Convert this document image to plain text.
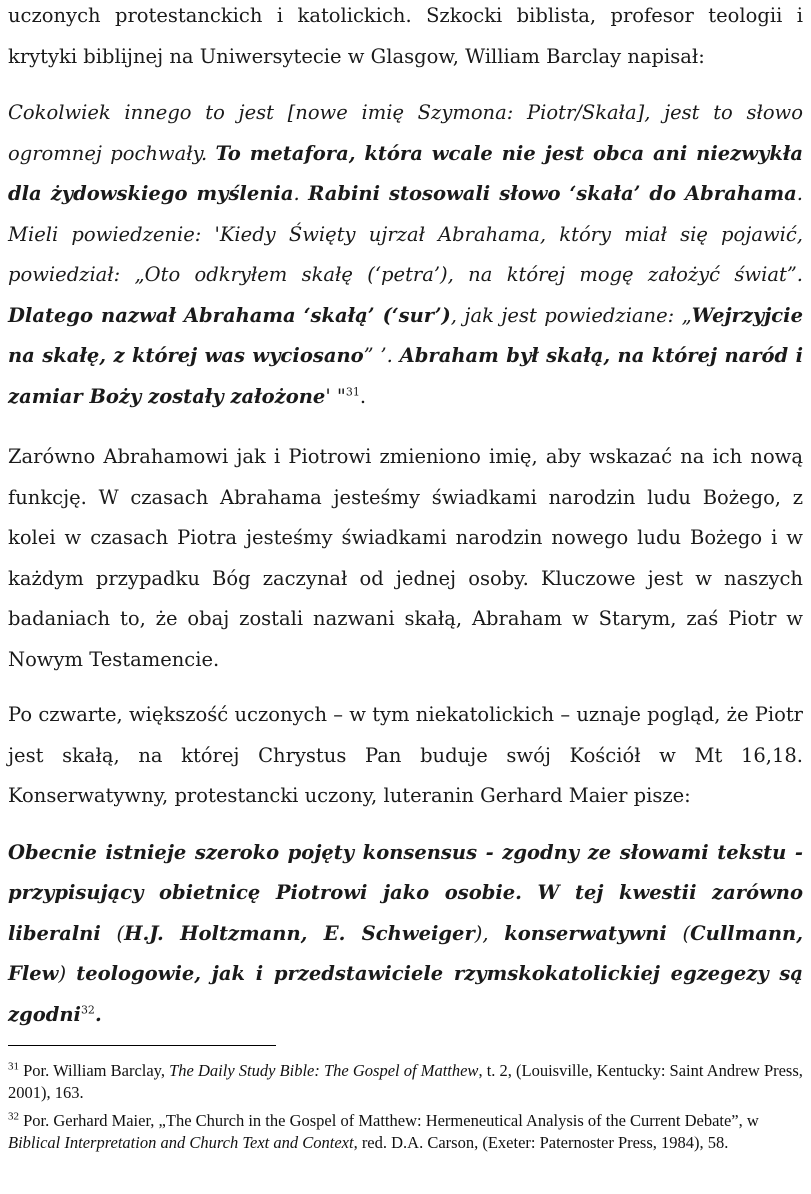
uczonych protestanckich i katolickich. Szkocki biblista, profesor teologii i krytyki biblijnej na Uniwersytecie w Glasgow, William Barclay napisał:

Cokolwiek innego to jest [nowe imię Szymona: Piotr/Skała], jest to słowo ogromnej pochwały. To metafora, która wcale nie jest obca ani niezwykła dla żydowskiego myślenia. Rabini stosowali słowo ‘skała’ do Abrahama. Mieli powiedzenie: 'Kiedy Święty ujrzał Abrahama, który miał się pojawić, powiedział: „Oto odkryłem skałę (‘petra’), na której mogę założyć świat”. Dlatego nazwał Abrahama ‘skałą’ (‘sur’), jak jest powiedziane: „Wejrzyjcie na skałę, z której was wyciosano” ’. Abraham był skałą, na której naród i zamiar Boży zostały założone' "$^{31}$.

Zarówno Abrahamowi jak i Piotrowi zmieniono imię, aby wskazać na ich nową funkcję. W czasach Abrahama jesteśmy świadkami narodzin ludu Bożego, z kolei w czasach Piotra jesteśmy świadkami narodzin nowego ludu Bożego i w każdym przypadku Bóg zaczynał od jednej osoby. Kluczowe jest w naszych badaniach to, że obaj zostali nazwani skałą, Abraham w Starym, zaś Piotr w Nowym Testamencie.

Po czwarte, większość uczonych – w tym niekatolickich – uznaje pogląd, że Piotr jest skałą, na której Chrystus Pan buduje swój Kościół w Mt 16,18. Konserwatywny, protestancki uczony, luteranin Gerhard Maier pisze:

Obecnie istnieje szeroko pojęty konsensus - zgodny ze słowami tekstu - przypisujący obietnicę Piotrowi jako osobie. W tej kwestii zarówno liberalni (H.J. Holtzmann, E. Schweiger), konserwatywni (Cullmann, Flew) teologowie, jak i przedstawiciele rzymskokatolickiej egzegezy są zgodni$^{32}$.

$^{31}$ Por. William Barclay, The Daily Study Bible: The Gospel of Matthew, t. 2, (Louisville, Kentucky: Saint Andrew Press, 2001), 163.

$^{32}$ Por. Gerhard Maier, „The Church in the Gospel of Matthew: Hermeneutical Analysis of the Current Debate”, w Biblical Interpretation and Church Text and Context, red. D.A. Carson, (Exeter: Paternoster Press, 1984), 58.
